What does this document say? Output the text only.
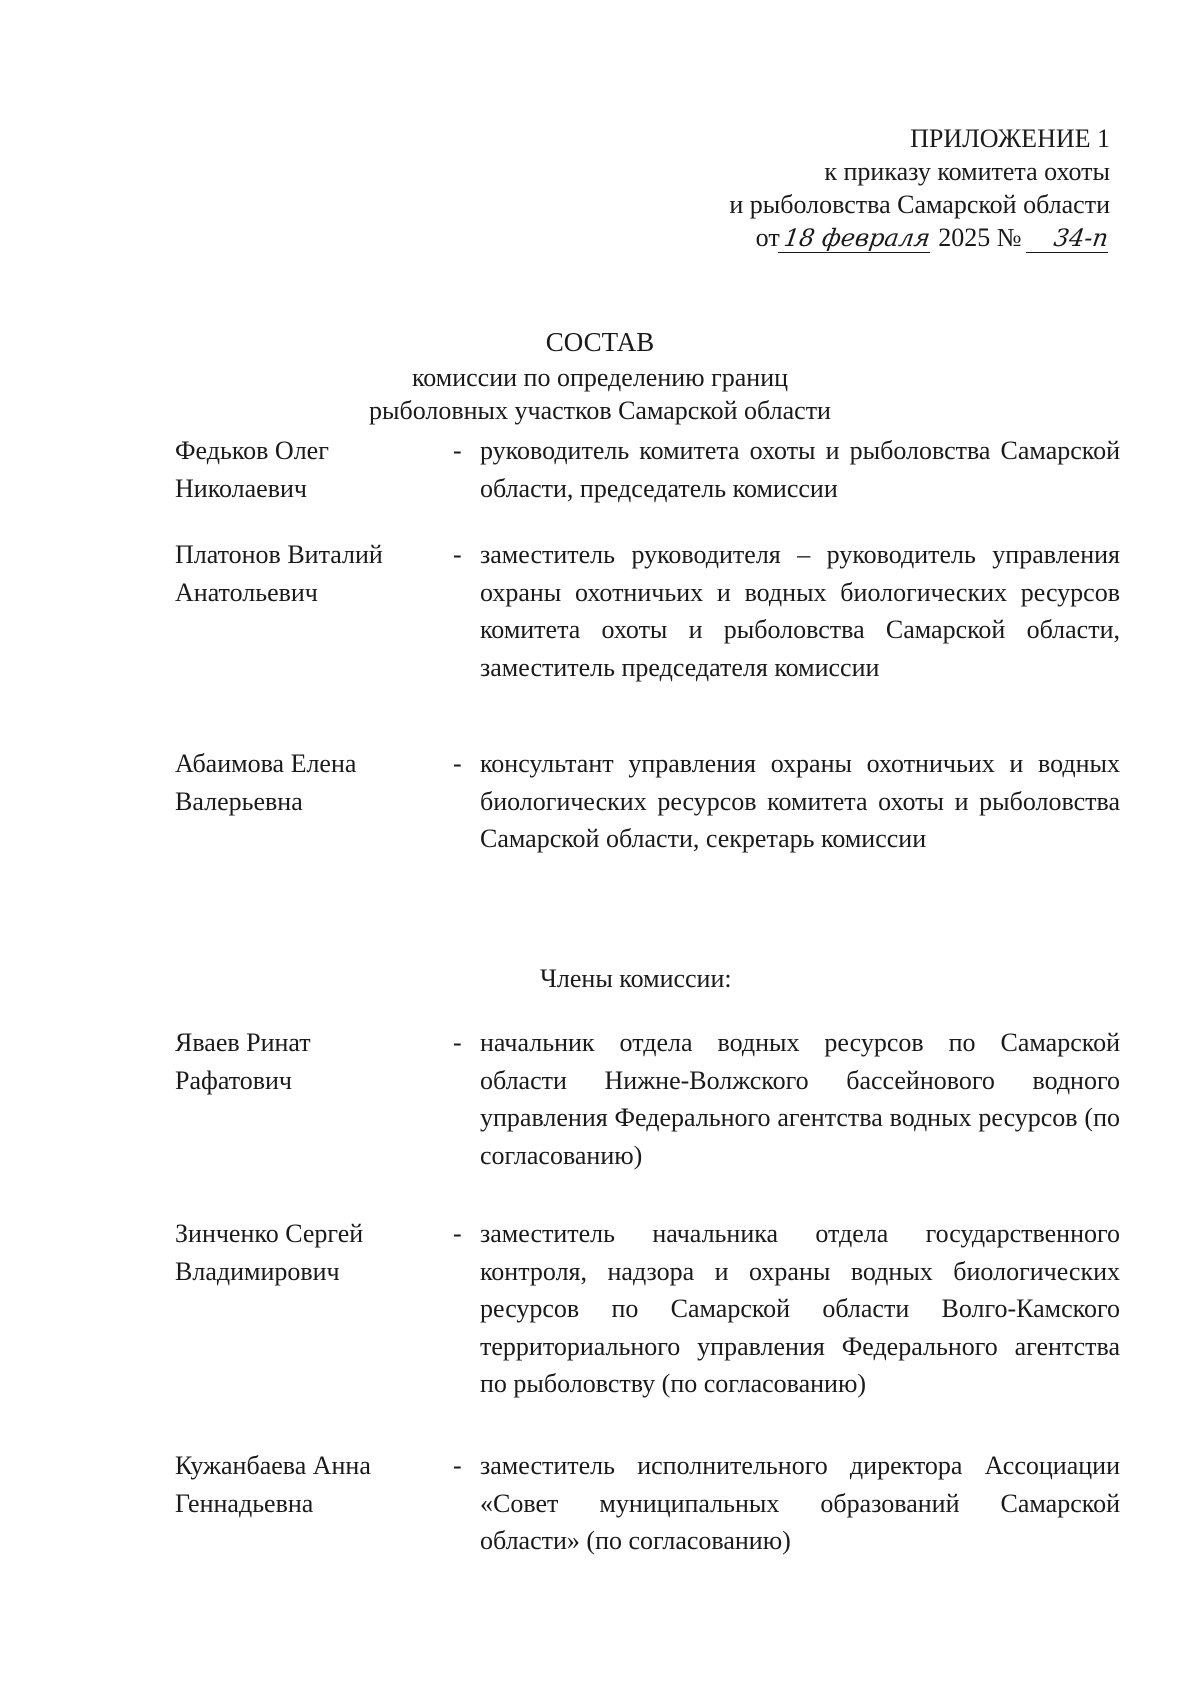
ПРИЛОЖЕНИЕ 1
к приказу комитета охоты
и рыболовства Самарской области
от18 февраля 2025 № 34-п
СОСТАВ
комиссии по определению границ
рыболовных участков Самарской области
Федьков Олег
Николаевич
- руководитель комитета охоты и рыболовства Самарской области, председатель комиссии
Платонов Виталий
Анатольевич
- заместитель руководителя – руководитель управления охраны охотничьих и водных биологических ресурсов комитета охоты и рыболовства Самарской области, заместитель председателя комиссии
Абаимова Елена
Валерьевна
- консультант управления охраны охотничьих и водных биологических ресурсов комитета охоты и рыболовства Самарской области, секретарь комиссии
Члены комиссии:
Яваев Ринат
Рафатович
- начальник отдела водных ресурсов по Самарской области Нижне-Волжского бассейнового водного управления Федерального агентства водных ресурсов (по согласованию)
Зинченко Сергей
Владимирович
- заместитель начальника отдела государственного контроля, надзора и охраны водных биологических ресурсов по Самарской области Волго-Камского территориального управления Федерального агентства по рыболовству (по согласованию)
Кужанбаева Анна
Геннадьевна
- заместитель исполнительного директора Ассоциации «Совет муниципальных образований Самарской области» (по согласованию)
